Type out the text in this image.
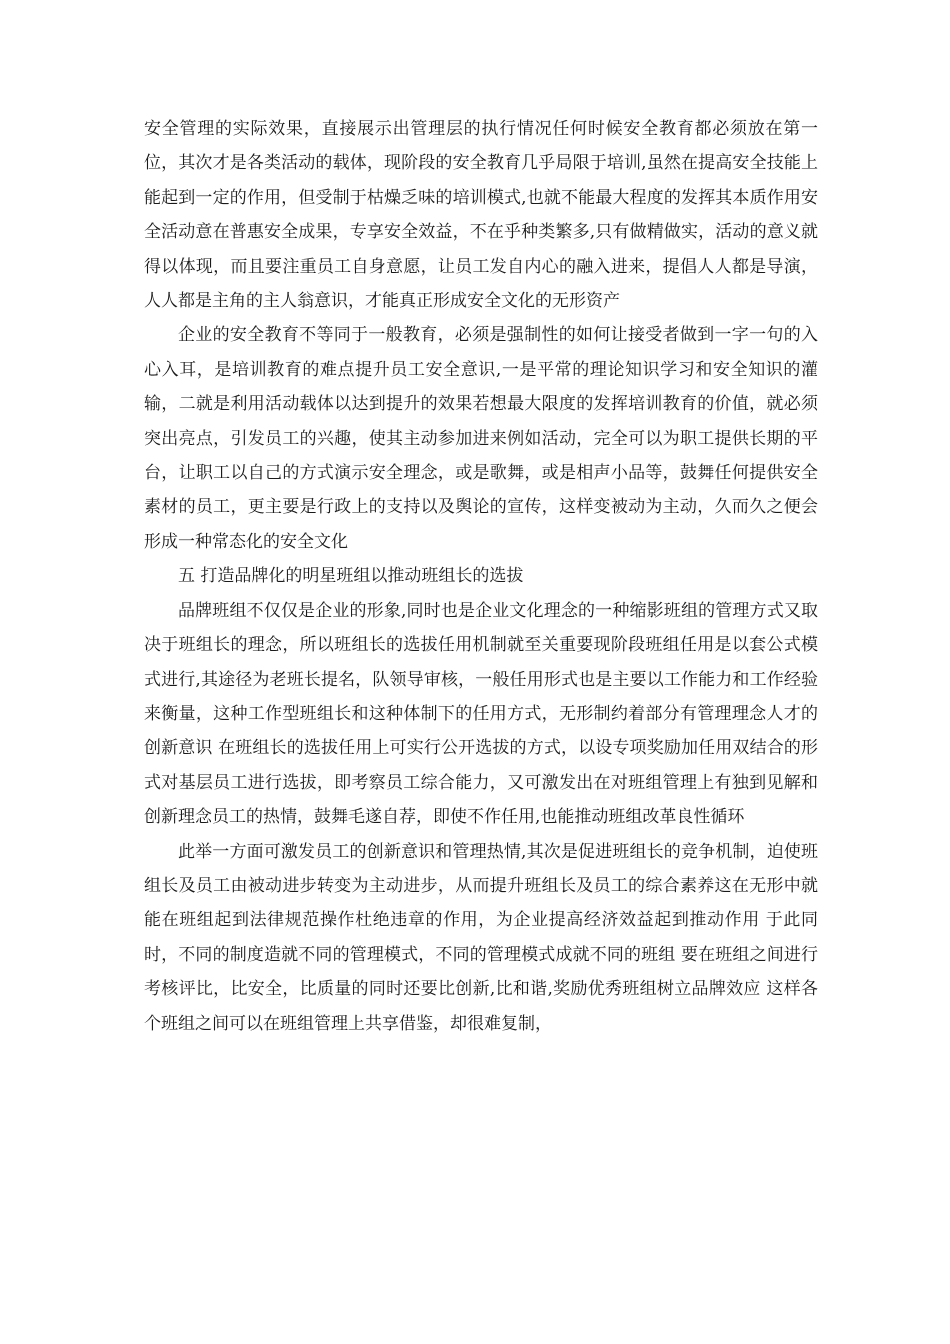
安全管理的实际效果，直接展示出管理层的执行情况任何时候安全教育都必须放在第一位，其次才是各类活动的载体，现阶段的安全教育几乎局限于培训,虽然在提高安全技能上能起到一定的作用，但受制于枯燥乏味的培训模式,也就不能最大程度的发挥其本质作用安全活动意在普惠安全成果，专享安全效益，不在乎种类繁多,只有做精做实，活动的意义就得以体现，而且要注重员工自身意愿，让员工发自内心的融入进来，提倡人人都是导演，人人都是主角的主人翁意识，才能真正形成安全文化的无形资产

企业的安全教育不等同于一般教育，必须是强制性的如何让接受者做到一字一句的入心入耳，是培训教育的难点提升员工安全意识,一是平常的理论知识学习和安全知识的灌输，二就是利用活动载体以达到提升的效果若想最大限度的发挥培训教育的价值，就必须突出亮点，引发员工的兴趣，使其主动参加进来例如活动，完全可以为职工提供长期的平台，让职工以自己的方式演示安全理念，或是歌舞，或是相声小品等，鼓舞任何提供安全素材的员工，更主要是行政上的支持以及舆论的宣传，这样变被动为主动，久而久之便会形成一种常态化的安全文化

五 打造品牌化的明星班组以推动班组长的选拔

品牌班组不仅仅是企业的形象,同时也是企业文化理念的一种缩影班组的管理方式又取决于班组长的理念，所以班组长的选拔任用机制就至关重要现阶段班组任用是以套公式模式进行,其途径为老班长提名，队领导审核，一般任用形式也是主要以工作能力和工作经验来衡量，这种工作型班组长和这种体制下的任用方式，无形制约着部分有管理理念人才的创新意识 在班组长的选拔任用上可实行公开选拔的方式，以设专项奖励加任用双结合的形式对基层员工进行选拔，即考察员工综合能力，又可激发出在对班组管理上有独到见解和创新理念员工的热情，鼓舞毛遂自荐，即使不作任用,也能推动班组改革良性循环

此举一方面可激发员工的创新意识和管理热情,其次是促进班组长的竞争机制，迫使班组长及员工由被动进步转变为主动进步，从而提升班组长及员工的综合素养这在无形中就能在班组起到法律规范操作杜绝违章的作用，为企业提高经济效益起到推动作用 于此同时，不同的制度造就不同的管理模式，不同的管理模式成就不同的班组 要在班组之间进行考核评比，比安全，比质量的同时还要比创新,比和谐,奖励优秀班组树立品牌效应 这样各个班组之间可以在班组管理上共享借鉴，却很难复制，
